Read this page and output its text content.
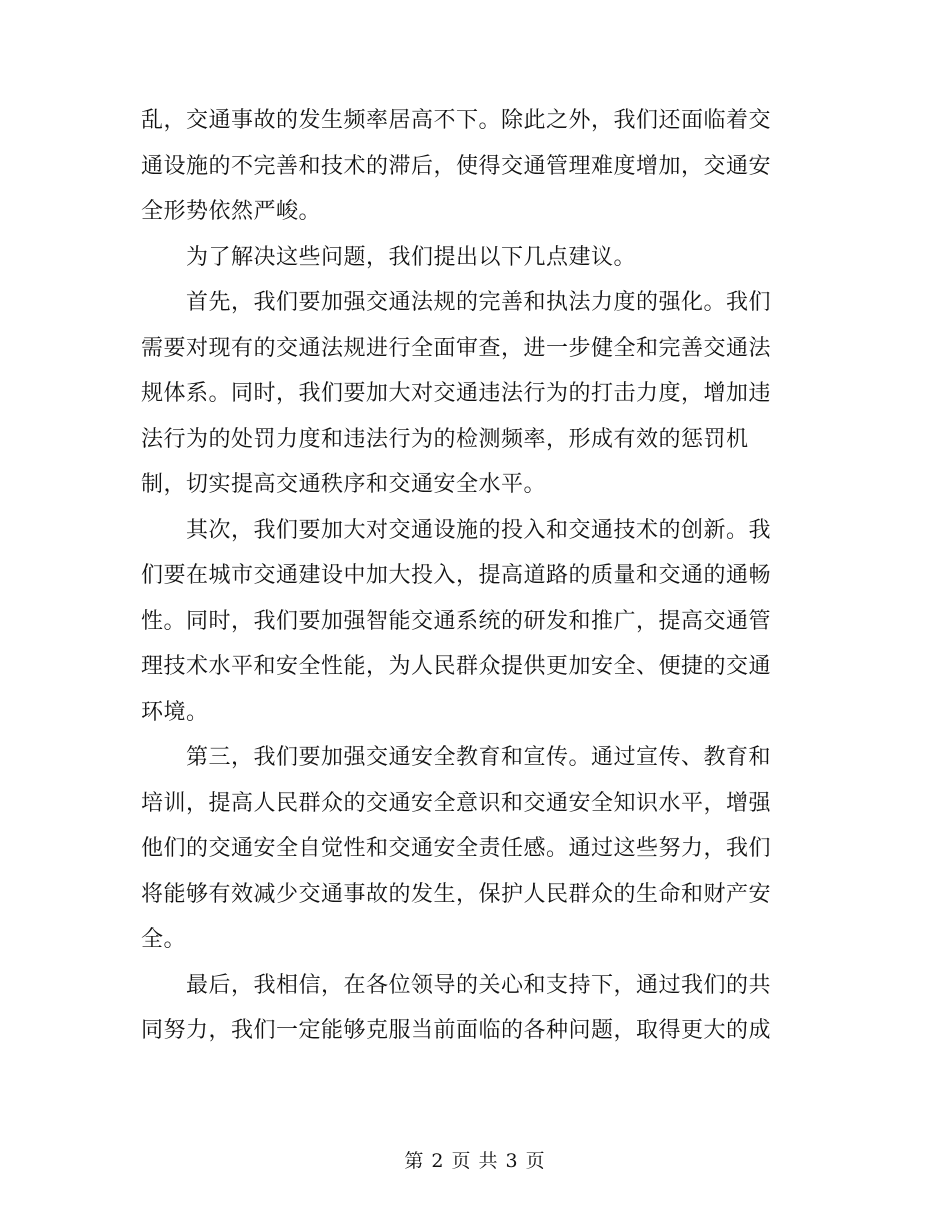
乱，交通事故的发生频率居高不下。除此之外，我们还面临着交
通设施的不完善和技术的滞后，使得交通管理难度增加，交通安
全形势依然严峻。
为了解决这些问题，我们提出以下几点建议。
首先，我们要加强交通法规的完善和执法力度的强化。我们
需要对现有的交通法规进行全面审查，进一步健全和完善交通法
规体系。同时，我们要加大对交通违法行为的打击力度，增加违
法行为的处罚力度和违法行为的检测频率，形成有效的惩罚机
制，切实提高交通秩序和交通安全水平。
其次，我们要加大对交通设施的投入和交通技术的创新。我
们要在城市交通建设中加大投入，提高道路的质量和交通的通畅
性。同时，我们要加强智能交通系统的研发和推广，提高交通管
理技术水平和安全性能，为人民群众提供更加安全、便捷的交通
环境。
第三，我们要加强交通安全教育和宣传。通过宣传、教育和
培训，提高人民群众的交通安全意识和交通安全知识水平，增强
他们的交通安全自觉性和交通安全责任感。通过这些努力，我们
将能够有效减少交通事故的发生，保护人民群众的生命和财产安
全。
最后，我相信，在各位领导的关心和支持下，通过我们的共
同努力，我们一定能够克服当前面临的各种问题，取得更大的成
第 2 页 共 3 页
